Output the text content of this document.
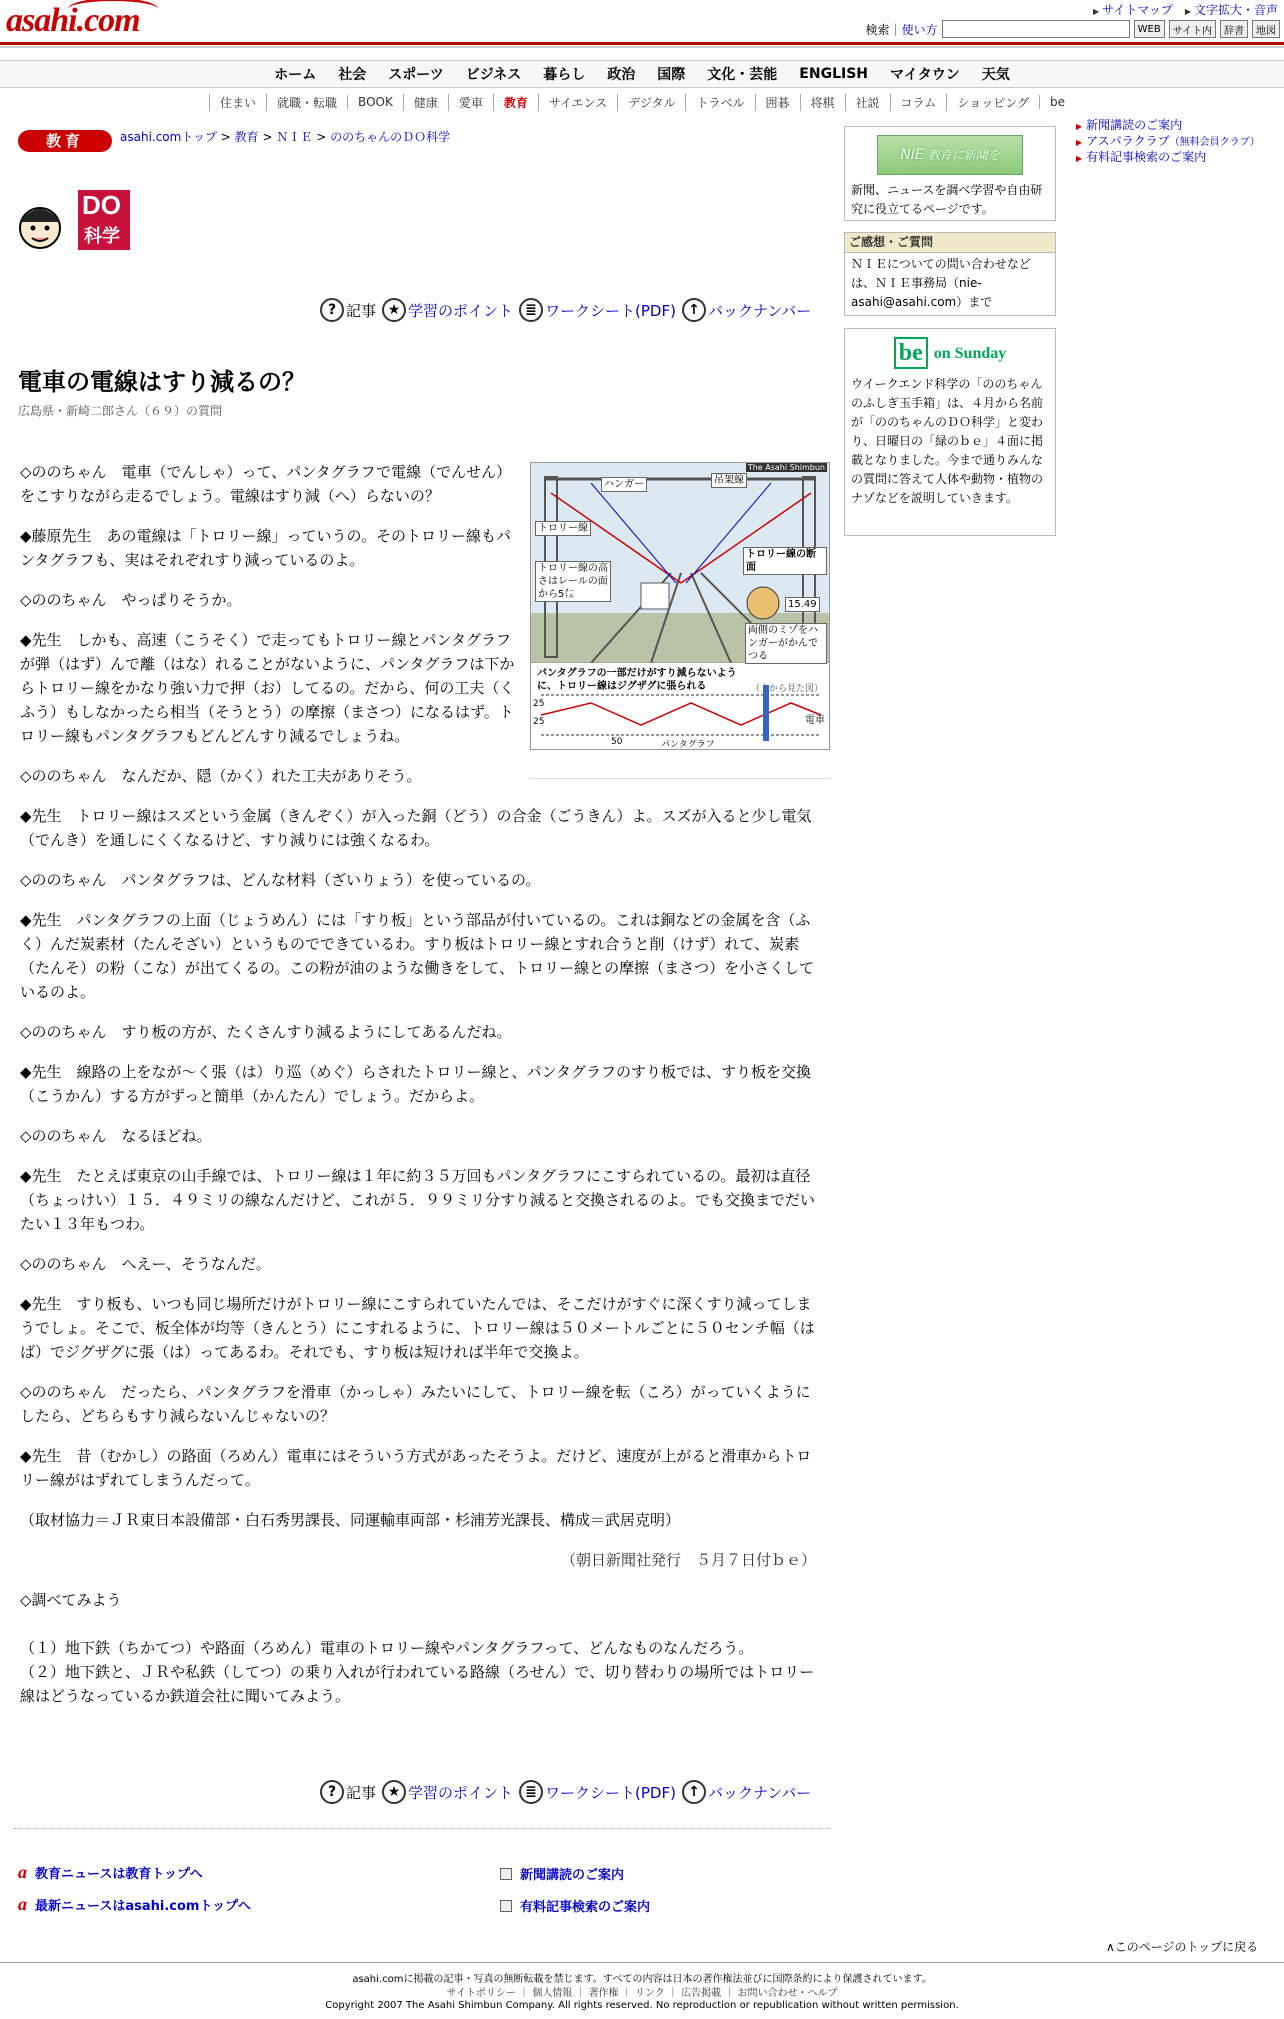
asahi.com	▶ サイトマップ	▶ 文字拡大・音声
検索 | 使い方	WEB	サイト内	辞書	地図
ホーム 社会 スポーツ ビジネス 暮らし 政治 国際 文化・芸能 ENGLISH マイタウン 天気
住まい	就職・転職	BOOK	健康	愛車	教育	サイエンス	デジタル	トラベル	囲碁	将棋	社説	コラム	ショッピング	be
教育	asahi.comトップ > 教育 > ＮＩＥ > ののちゃんのＤＯ科学
DO
科学
? 記事 ★ 学習のポイント ≣ ワークシート(PDF) ↑ バックナンバー
電車の電線はすり減るの？
広島県・新崎二郎さん（６９）の質問
The Asahi Shimbun
ハンガー	吊架線
トロリー線
トロリー線の高さはレールの面から5㍍
トロリー線の断面
15.49
両側のミゾをハンガーがかんでつる
パンタグラフの一部だけがすり減らないように、トロリー線はジグザグに張られる	（上から見た図）
25
25
50	パンタグラフ
電車

◇ののちゃん　電車（でんしゃ）って、パンタグラフで電線（でんせん）をこすりながら走るでしょう。電線はすり減（へ）らないの？

◆藤原先生　あの電線は「トロリー線」っていうの。そのトロリー線もパンタグラフも、実はそれぞれすり減っているのよ。

◇ののちゃん　やっぱりそうか。

◆先生　しかも、高速（こうそく）で走ってもトロリー線とパンタグラフが弾（はず）んで離（はな）れることがないように、パンタグラフは下からトロリー線をかなり強い力で押（お）してるの。だから、何の工夫（くふう）もしなかったら相当（そうとう）の摩擦（まさつ）になるはず。トロリー線もパンタグラフもどんどんすり減るでしょうね。

◇ののちゃん　なんだか、隠（かく）れた工夫がありそう。

◆先生　トロリー線はスズという金属（きんぞく）が入った銅（どう）の合金（ごうきん）よ。スズが入ると少し電気（でんき）を通しにくくなるけど、すり減りには強くなるわ。

◇ののちゃん　パンタグラフは、どんな材料（ざいりょう）を使っているの。

◆先生　パンタグラフの上面（じょうめん）には「すり板」という部品が付いているの。これは銅などの金属を含（ふく）んだ炭素材（たんそざい）というものでできているわ。すり板はトロリー線とすれ合うと削（けず）れて、炭素（たんそ）の粉（こな）が出てくるの。この粉が油のような働きをして、トロリー線との摩擦（まさつ）を小さくしているのよ。

◇ののちゃん　すり板の方が、たくさんすり減るようにしてあるんだね。

◆先生　線路の上をなが～く張（は）り巡（めぐ）らされたトロリー線と、パンタグラフのすり板では、すり板を交換（こうかん）する方がずっと簡単（かんたん）でしょう。だからよ。

◇ののちゃん　なるほどね。

◆先生　たとえば東京の山手線では、トロリー線は１年に約３５万回もパンタグラフにこすられているの。最初は直径（ちょっけい）１５．４９ミリの線なんだけど、これが５．９９ミリ分すり減ると交換されるのよ。でも交換までだいたい１３年もつわ。

◇ののちゃん　へえー、そうなんだ。

◆先生　すり板も、いつも同じ場所だけがトロリー線にこすられていたんでは、そこだけがすぐに深くすり減ってしまうでしょ。そこで、板全体が均等（きんとう）にこすれるように、トロリー線は５０メートルごとに５０センチ幅（はば）でジグザグに張（は）ってあるわ。それでも、すり板は短ければ半年で交換よ。

◇ののちゃん　だったら、パンタグラフを滑車（かっしゃ）みたいにして、トロリー線を転（ころ）がっていくようにしたら、どちらもすり減らないんじゃないの？

◆先生　昔（むかし）の路面（ろめん）電車にはそういう方式があったそうよ。だけど、速度が上がると滑車からトロリー線がはずれてしまうんだって。

（取材協力＝ＪＲ東日本設備部・白石秀男課長、同運輸車両部・杉浦芳光課長、構成＝武居克明）

（朝日新聞社発行　５月７日付ｂｅ）

◇調べてみよう

（１）地下鉄（ちかてつ）や路面（ろめん）電車のトロリー線やパンタグラフって、どんなものなんだろう。

（２）地下鉄と、ＪＲや私鉄（してつ）の乗り入れが行われている路線（ろせん）で、切り替わりの場所ではトロリー線はどうなっているか鉄道会社に聞いてみよう。

? 記事 ★ 学習のポイント ≣ ワークシート(PDF) ↑ バックナンバー
a 教育ニュースは教育トップへ
a 最新ニュースはasahi.comトップへ
新聞講読のご案内
有料記事検索のご案内
▶ 新聞講読のご案内
▶ アスパラクラブ（無料会員クラブ）
▶ 有料記事検索のご案内
NIE 教育に新聞を
新聞、ニュースを調べ学習や自由研究に役立てるページです。
ご感想・ご質問
ＮＩＥについての問い合わせなどは、ＮＩＥ事務局（nie-asahi@asahi.com）まで
be on Sunday
ウイークエンド科学の「ののちゃんのふしぎ玉手箱」は、４月から名前が「ののちゃんのＤＯ科学」と変わり、日曜日の「緑のｂｅ」４面に掲載となりました。今まで通りみんなの質問に答えて人体や動物・植物のナゾなどを説明していきます。
∧このページのトップに戻る
asahi.comに掲載の記事・写真の無断転載を禁じます。すべての内容は日本の著作権法並びに国際条約により保護されています。
サイトポリシー ｜ 個人情報 ｜ 著作権 ｜ リンク ｜ 広告掲載 ｜ お問い合わせ・ヘルプ
Copyright 2007 The Asahi Shimbun Company. All rights reserved. No reproduction or republication without written permission.
